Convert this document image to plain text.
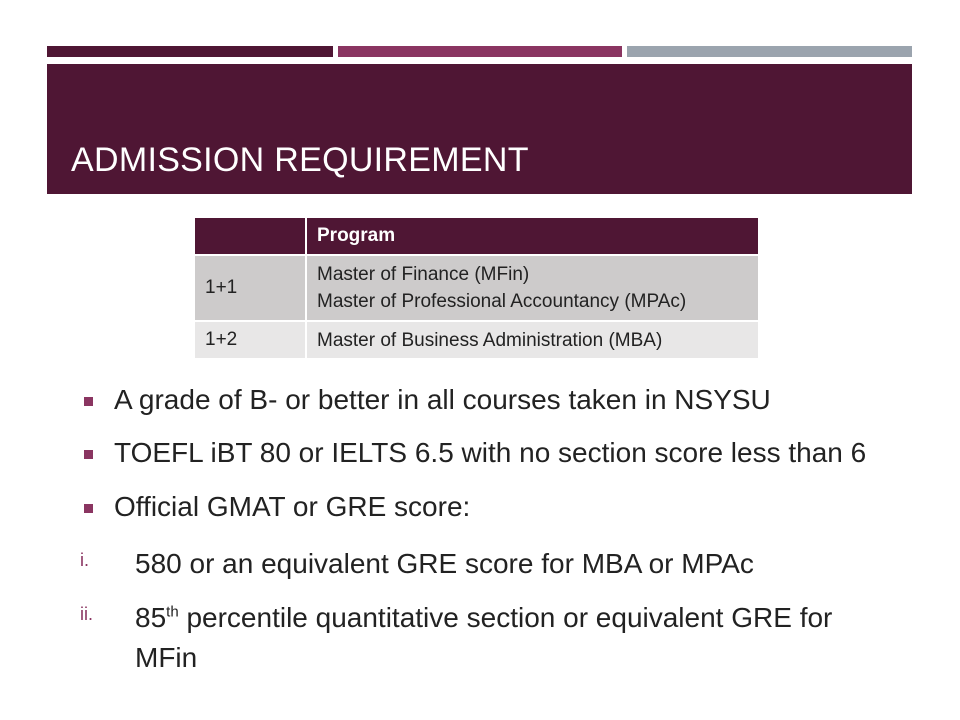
ADMISSION REQUIREMENT
	Program
1+1	Master of Finance (MFin)
Master of Professional Accountancy (MPAc)

1+2	Master of Business Administration (MBA)
A grade of B- or better in all courses taken in NSYSU
TOEFL iBT 80 or IELTS 6.5 with no section score less than 6
Official GMAT or GRE score:
i. 580 or an equivalent GRE score for MBA or MPAc
ii. 85th percentile quantitative section or equivalent GRE for MFin
